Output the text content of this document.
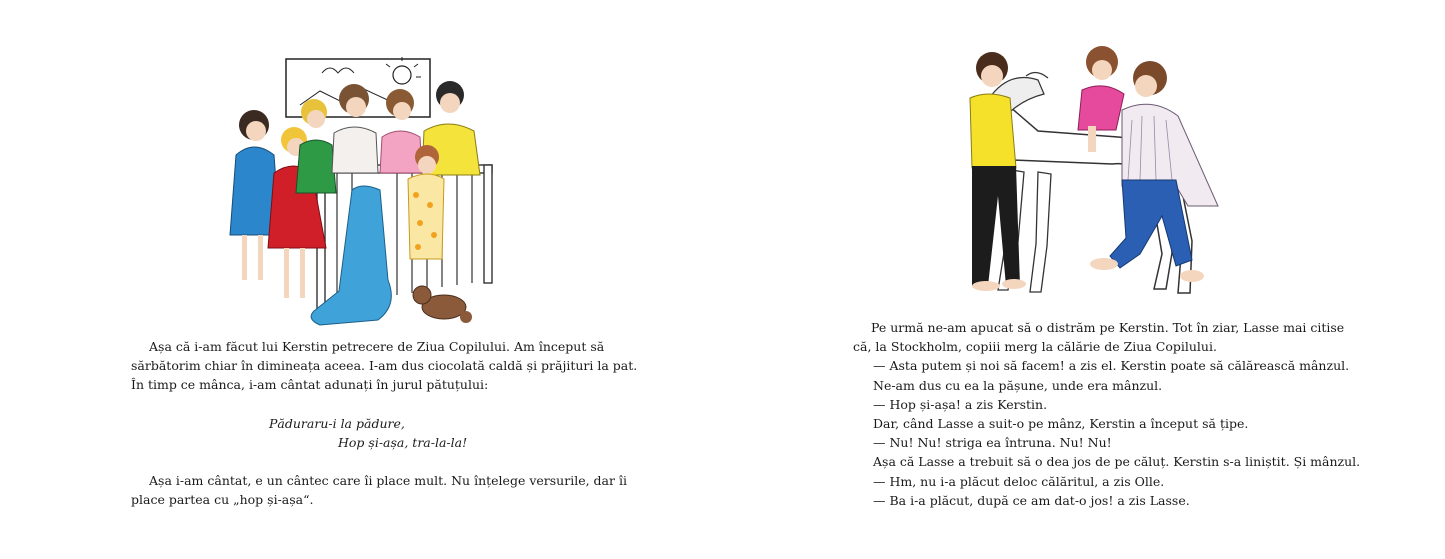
Așa că i-am făcut lui Kerstin petrecere de Ziua Copilului. Am început să

sărbătorim chiar în dimineața aceea. I-am dus ciocolată caldă și prăjituri la pat.

În timp ce mânca, i-am cântat adunați în jurul pătuțului:

Păduraru-i la pădure,

Hop și-așa, tra-la-la!

Așa i-am cântat, e un cântec care îi place mult. Nu înțelege versurile, dar îi

place partea cu „hop și-așa“.

Pe urmă ne-am apucat să o distrăm pe Kerstin. Tot în ziar, Lasse mai citise

că, la Stockholm, copiii merg la călărie de Ziua Copilului.

— Asta putem și noi să facem! a zis el. Kerstin poate să călărească mânzul.

Ne-am dus cu ea la pășune, unde era mânzul.

— Hop și-așa! a zis Kerstin.

Dar, când Lasse a suit-o pe mânz, Kerstin a început să țipe.

— Nu! Nu! striga ea întruna. Nu! Nu!

Așa că Lasse a trebuit să o dea jos de pe căluț. Kerstin s-a liniștit. Și mânzul.

— Hm, nu i-a plăcut deloc călăritul, a zis Olle.

— Ba i-a plăcut, după ce am dat-o jos! a zis Lasse.
